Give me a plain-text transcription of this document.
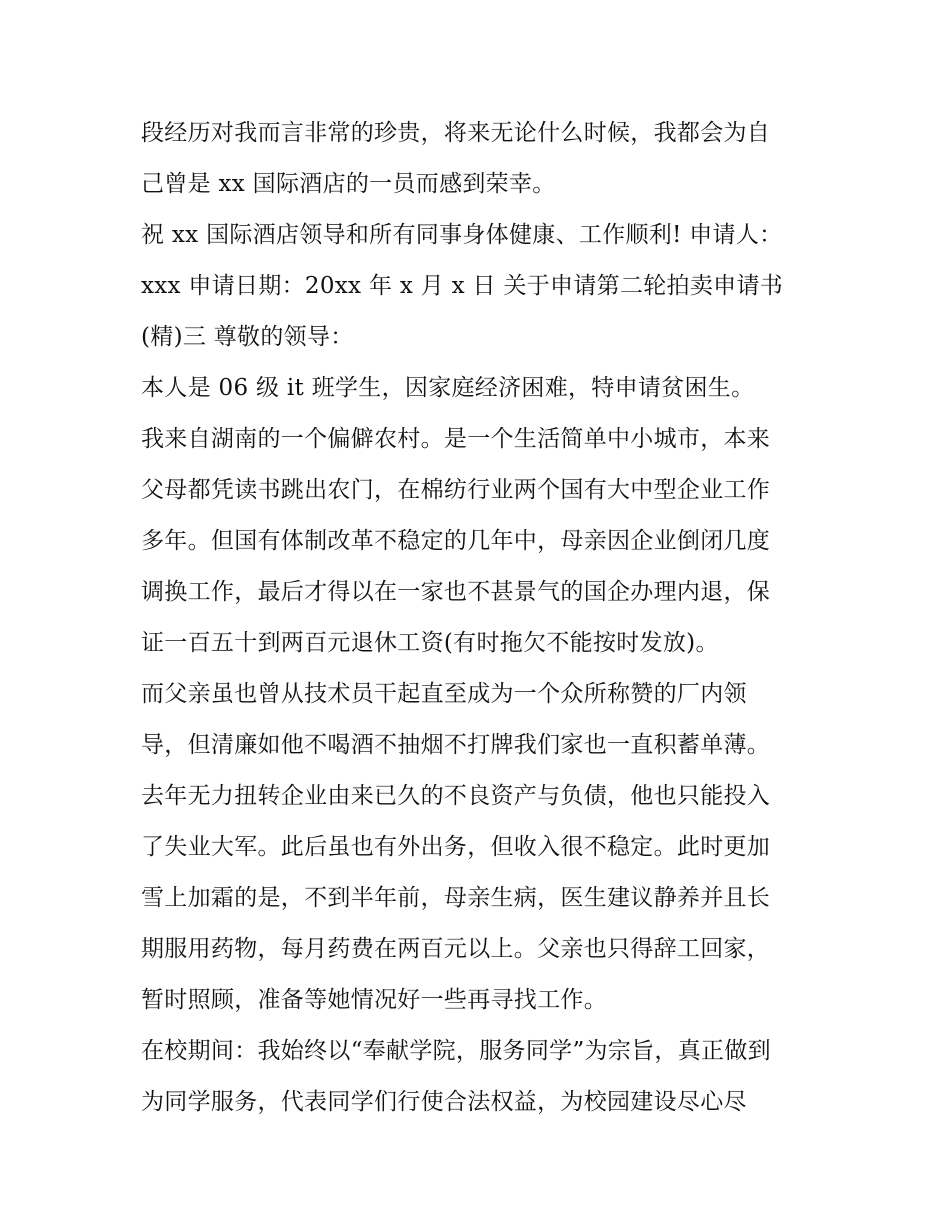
段经历对我而言非常的珍贵，将来无论什么时候，我都会为自
己曾是 xx 国际酒店的一员而感到荣幸。
祝 xx 国际酒店领导和所有同事身体健康、工作顺利! 申请人：
xxx 申请日期：20xx 年 x 月 x 日 关于申请第二轮拍卖申请书
(精)三 尊敬的领导：
本人是 06 级 it 班学生，因家庭经济困难，特申请贫困生。
我来自湖南的一个偏僻农村。是一个生活简单中小城市，本来
父母都凭读书跳出农门，在棉纺行业两个国有大中型企业工作
多年。但国有体制改革不稳定的几年中，母亲因企业倒闭几度
调换工作，最后才得以在一家也不甚景气的国企办理内退，保
证一百五十到两百元退休工资(有时拖欠不能按时发放)。
而父亲虽也曾从技术员干起直至成为一个众所称赞的厂内领
导，但清廉如他不喝酒不抽烟不打牌我们家也一直积蓄单薄。
去年无力扭转企业由来已久的不良资产与负债，他也只能投入
了失业大军。此后虽也有外出务，但收入很不稳定。此时更加
雪上加霜的是，不到半年前，母亲生病，医生建议静养并且长
期服用药物，每月药费在两百元以上。父亲也只得辞工回家，
暂时照顾，准备等她情况好一些再寻找工作。
在校期间：我始终以“奉献学院，服务同学”为宗旨，真正做到
为同学服务，代表同学们行使合法权益，为校园建设尽心尽
